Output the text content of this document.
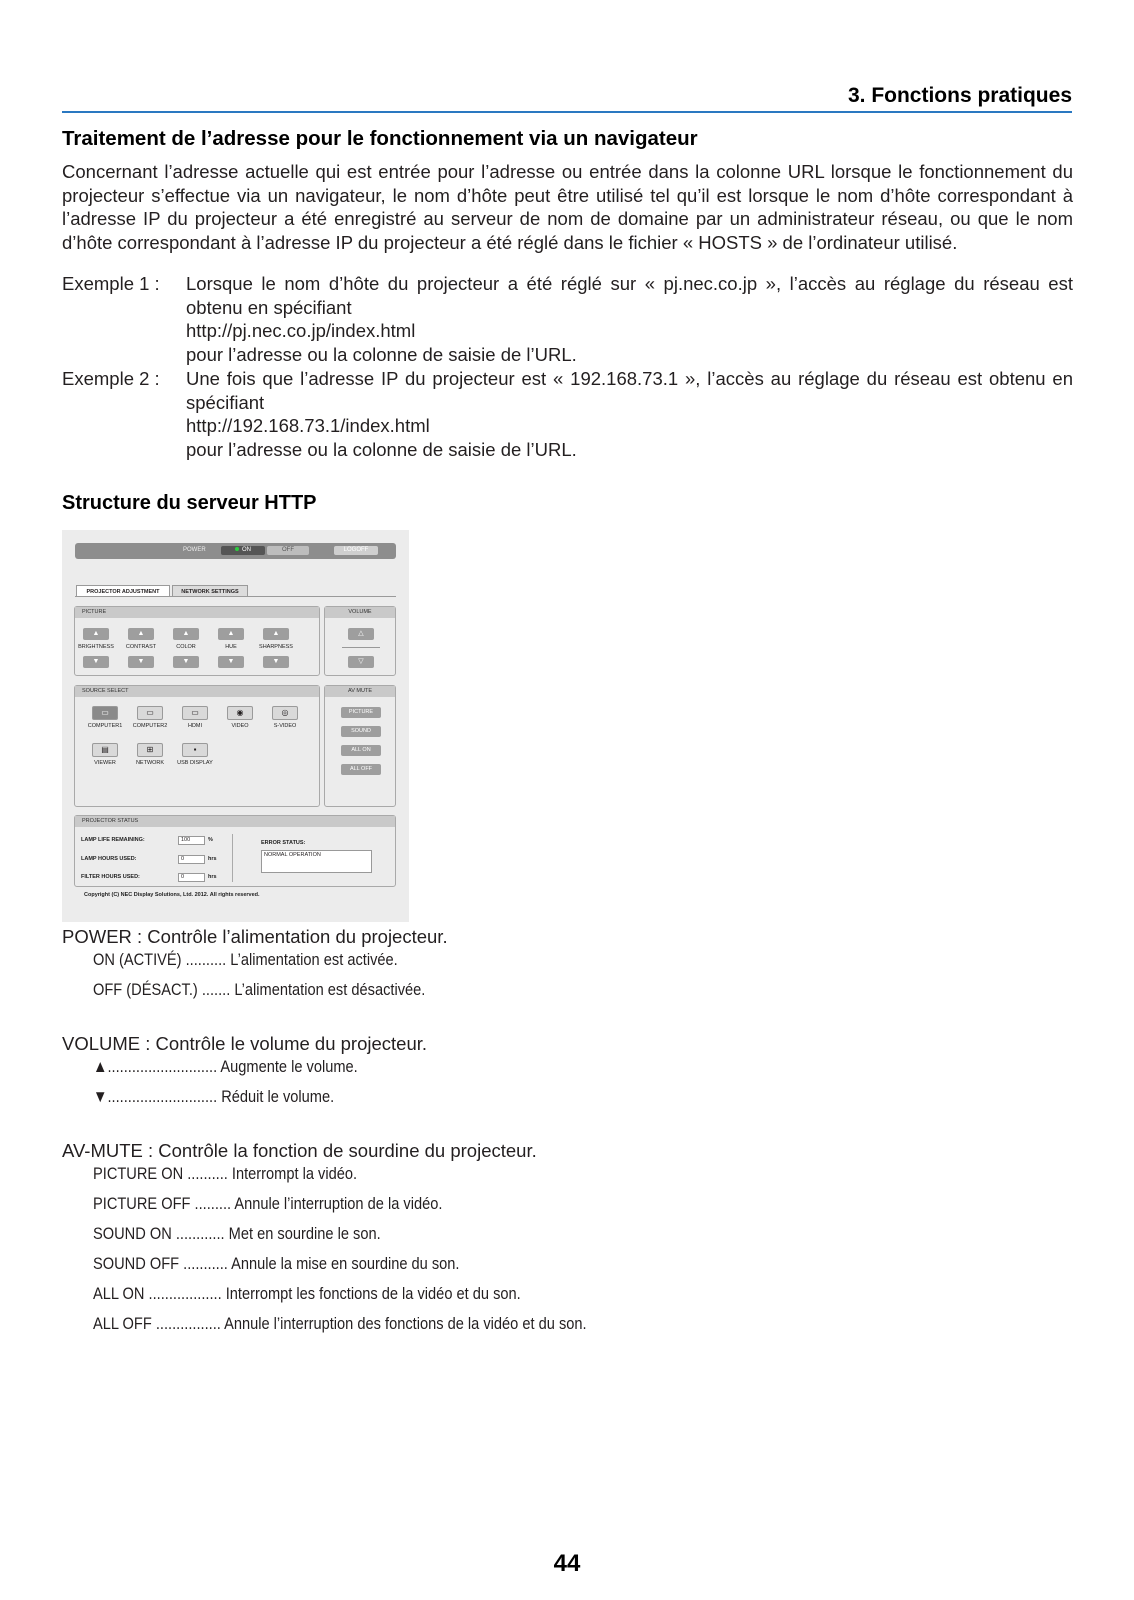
3. Fonctions pratiques
Traitement de l’adresse pour le fonctionnement via un navigateur
Concernant l’adresse actuelle qui est entrée pour l’adresse ou entrée dans la colonne URL lorsque le fonctionnement du projecteur s’effectue via un navigateur, le nom d’hôte peut être utilisé tel qu’il est lorsque le nom d’hôte correspondant à l’adresse IP du projecteur a été enregistré au serveur de nom de domaine par un administrateur réseau, ou que le nom d’hôte correspondant à l’adresse IP du projecteur a été réglé dans le fichier « HOSTS » de l’ordinateur utilisé.
Exemple 1 : Lorsque le nom d’hôte du projecteur a été réglé sur « pj.nec.co.jp », l’accès au réglage du réseau est obtenu en spécifiant
http://pj.nec.co.jp/index.html
pour l’adresse ou la colonne de saisie de l’URL.
Exemple 2 : Une fois que l’adresse IP du projecteur est « 192.168.73.1 », l’accès au réglage du réseau est obtenu en spécifiant
http://192.168.73.1/index.html
pour l’adresse ou la colonne de saisie de l’URL.
Structure du serveur HTTP
POWER	ON	OFF	LOGOFF
PROJECTOR ADJUSTMENT	NETWORK SETTINGS
PICTURE
▲	▲	▲	▲	▲
BRIGHTNESS	CONTRAST	COLOR	HUE	SHARPNESS
▼	▼	▼	▼	▼
VOLUME
△
▽
SOURCE SELECT
▭	▭	▭	◉	◎
COMPUTER1	COMPUTER2	HDMI	VIDEO	S-VIDEO
▤	⊞	▪
VIEWER	NETWORK	USB DISPLAY
AV MUTE
PICTURE
SOUND
ALL ON
ALL OFF
PROJECTOR STATUS
LAMP LIFE REMAINING:	100	%
LAMP HOURS USED:	0	hrs
FILTER HOURS USED:	0	hrs
ERROR STATUS:
NORMAL OPERATION
Copyright (C) NEC Display Solutions, Ltd. 2012. All rights reserved.
POWER : Contrôle l’alimentation du projecteur.
ON (ACTIVÉ) .......... L’alimentation est activée.
OFF (DÉSACT.) ....... L’alimentation est désactivée.
VOLUME : Contrôle le volume du projecteur.
▲........................... Augmente le volume.
▼........................... Réduit le volume.
AV-MUTE : Contrôle la fonction de sourdine du projecteur.
PICTURE ON .......... Interrompt la vidéo.
PICTURE OFF ......... Annule l’interruption de la vidéo.
SOUND ON ............ Met en sourdine le son.
SOUND OFF ........... Annule la mise en sourdine du son.
ALL ON .................. Interrompt les fonctions de la vidéo et du son.
ALL OFF ................ Annule l’interruption des fonctions de la vidéo et du son.
44
